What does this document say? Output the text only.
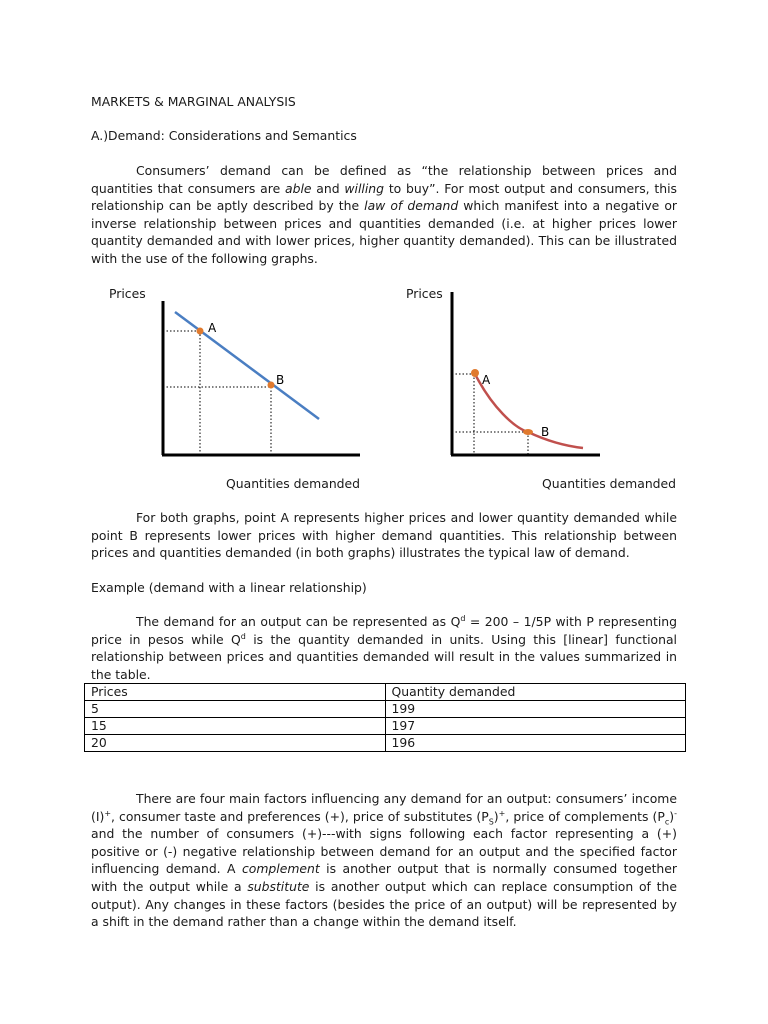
MARKETS & MARGINAL ANALYSIS
A.)Demand: Considerations and Semantics
Consumers’ demand can be defined as “the relationship between prices and quantities that consumers are able and willing to buy”. For most output and consumers, this relationship can be aptly described by the law of demand which manifest into a negative or inverse relationship between prices and quantities demanded (i.e. at higher prices lower quantity demanded and with lower prices, higher quantity demanded). This can be illustrated with the use of the following graphs.
Prices
A
B
Quantities demanded
Prices
A
B
Quantities demanded
For both graphs, point A represents higher prices and lower quantity demanded while point B represents lower prices with higher demand quantities. This relationship between prices and quantities demanded (in both graphs) illustrates the typical law of demand.
Example (demand with a linear relationship)
The demand for an output can be represented as $Q^d = 200 - 1/5P$ with P representing price in pesos while $Q^d$ is the quantity demanded in units. Using this [linear] functional relationship between prices and quantities demanded will result in the values summarized in the table.
Prices	Quantity demanded
5	199
15	197
20	196
There are four main factors influencing any demand for an output: consumers’ income (I)+, consumer taste and preferences (+), price of substitutes $(P_S)^+$, price of complements $(P_c)^-$ and the number of consumers (+)---with signs following each factor representing a (+) positive or (-) negative relationship between demand for an output and the specified factor influencing demand. A complement is another output that is normally consumed together with the output while a substitute is another output which can replace consumption of the output). Any changes in these factors (besides the price of an output) will be represented by a shift in the demand rather than a change within the demand itself.
